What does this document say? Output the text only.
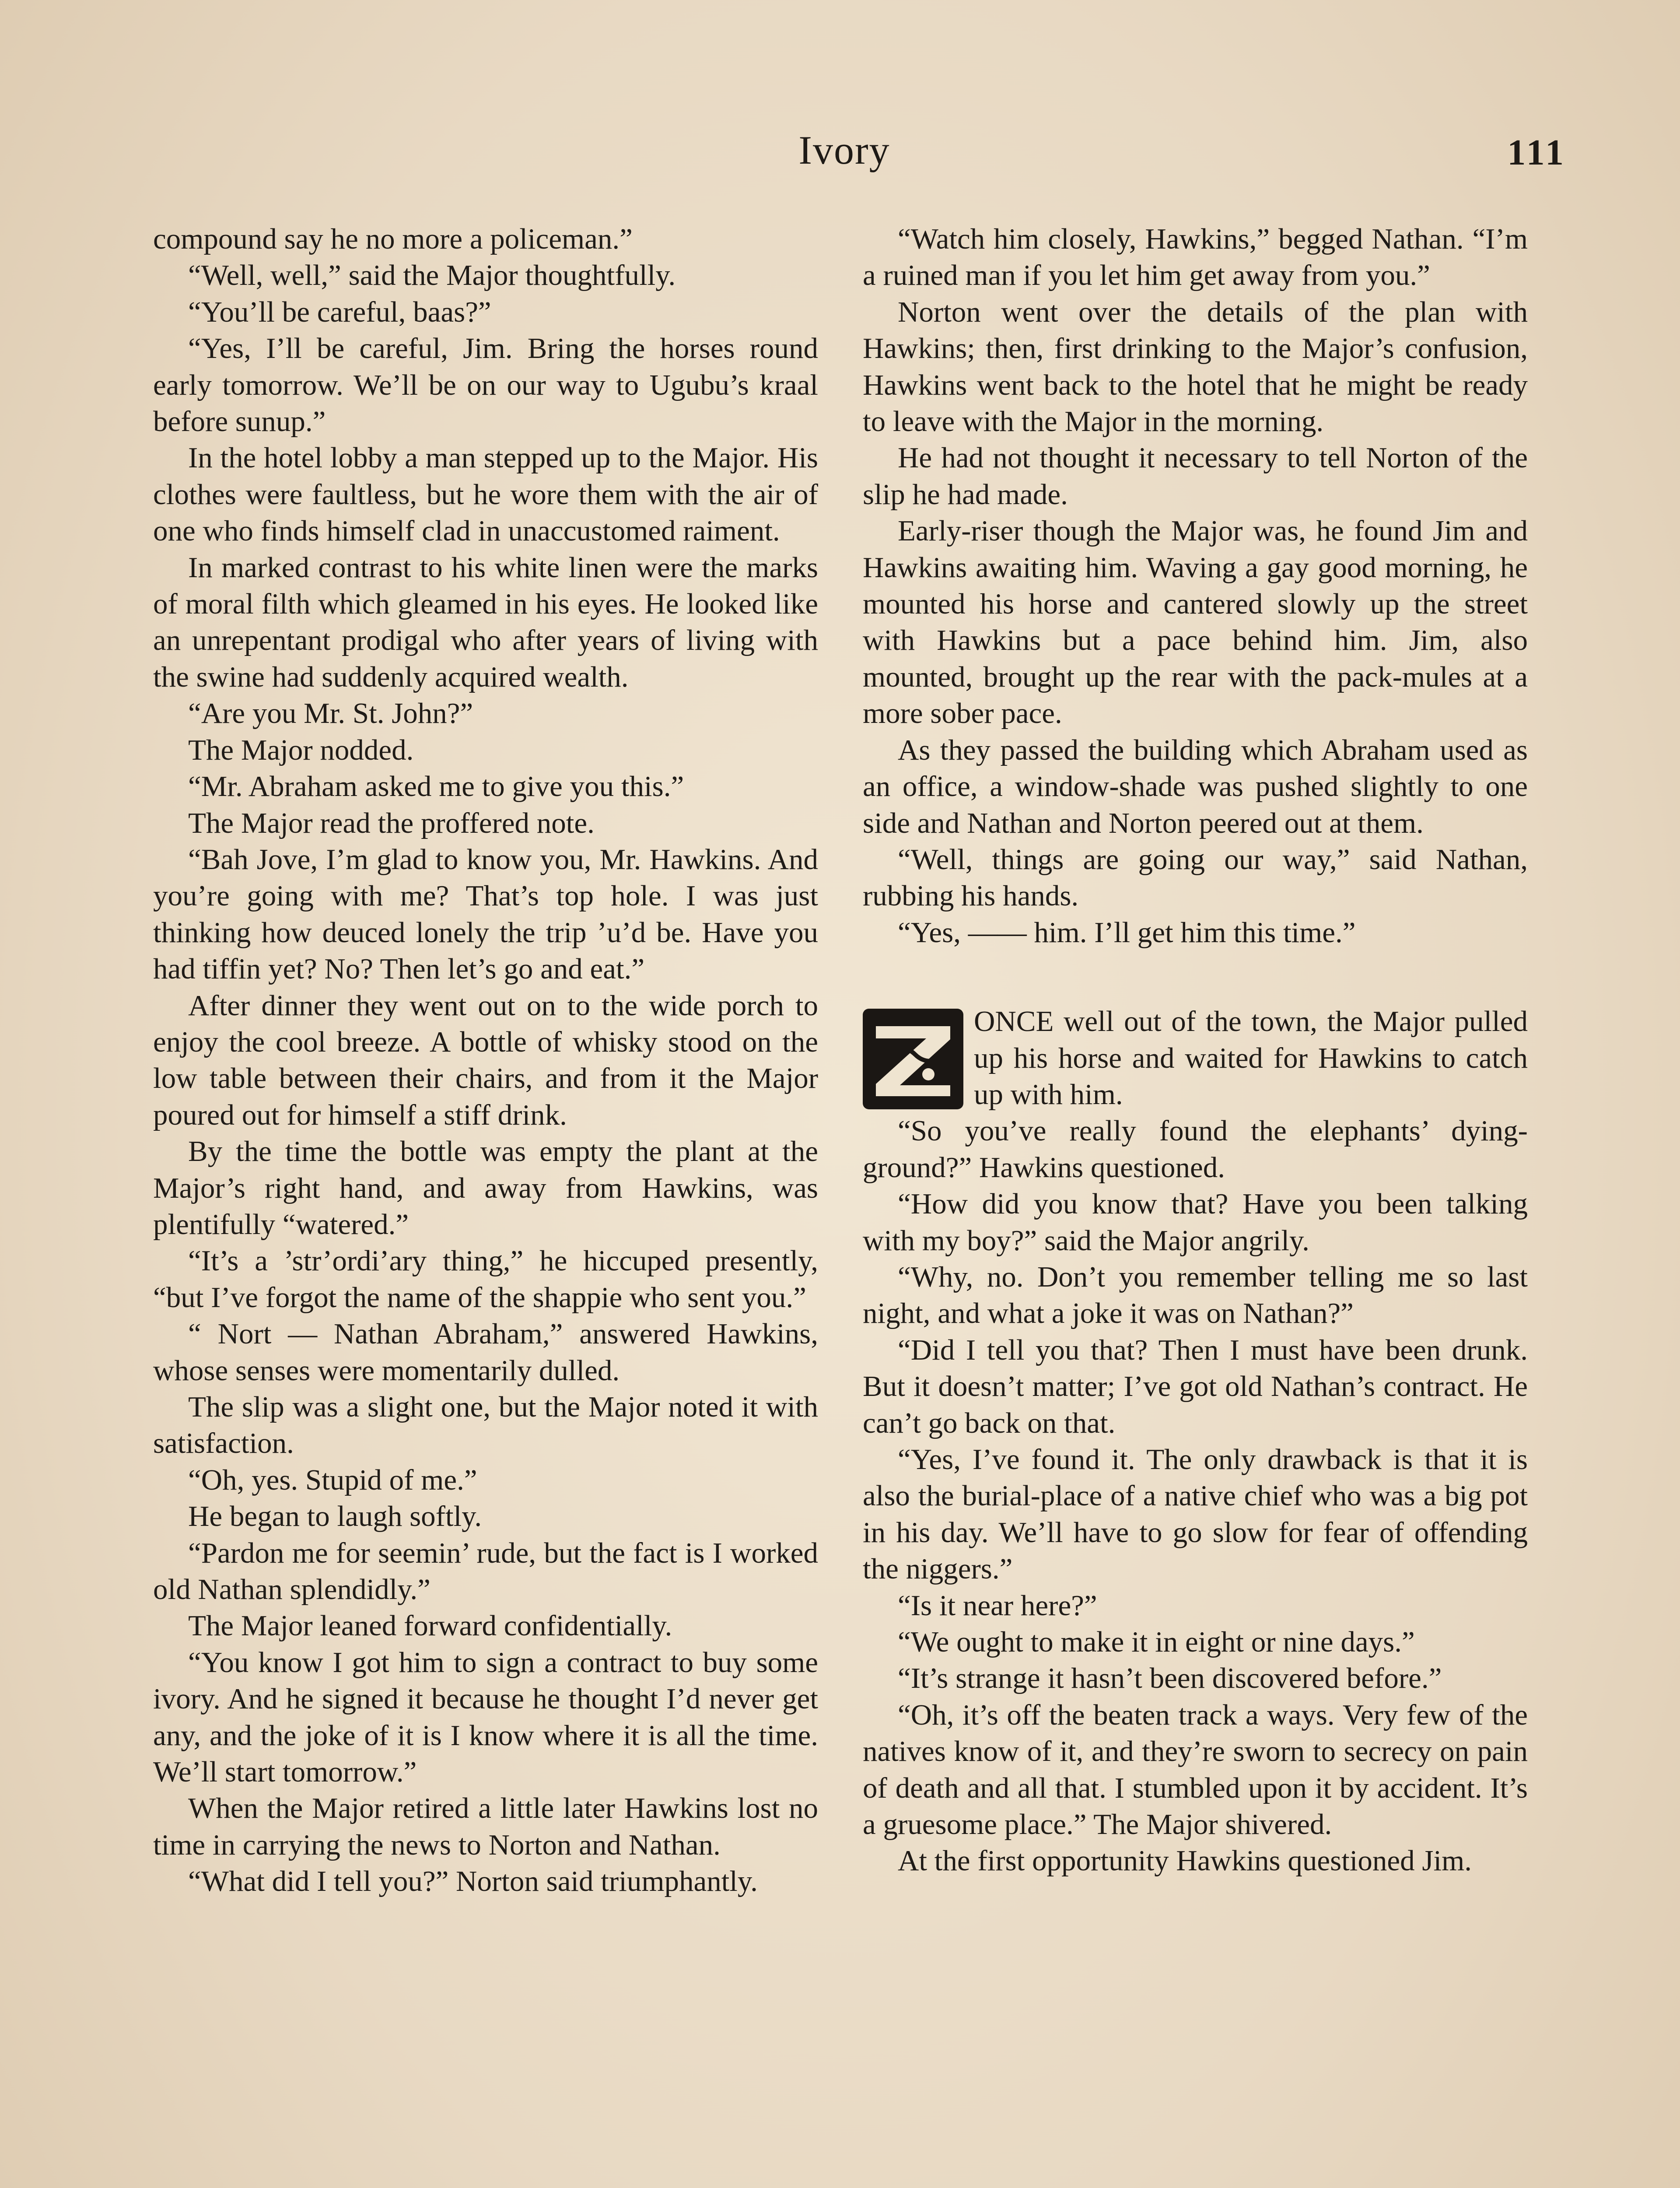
Ivory	111

compound say he no more a policeman.”

“Well, well,” said the Major thoughtfully.

“You’ll be careful, baas?”

“Yes, I’ll be careful, Jim. Bring the horses round early tomorrow. We’ll be on our way to Ugubu’s kraal before sunup.”

In the hotel lobby a man stepped up to the Major. His clothes were faultless, but he wore them with the air of one who finds himself clad in unaccustomed raiment.

In marked contrast to his white linen were the marks of moral filth which gleamed in his eyes. He looked like an unrepentant prodigal who after years of living with the swine had suddenly acquired wealth.

“Are you Mr. St. John?”

The Major nodded.

“Mr. Abraham asked me to give you this.”

The Major read the proffered note.

“Bah Jove, I’m glad to know you, Mr. Hawkins. And you’re going with me? That’s top hole. I was just thinking how deuced lonely the trip ’u’d be. Have you had tiffin yet? No? Then let’s go and eat.”

After dinner they went out on to the wide porch to enjoy the cool breeze. A bottle of whisky stood on the low table between their chairs, and from it the Major poured out for himself a stiff drink.

By the time the bottle was empty the plant at the Major’s right hand, and away from Hawkins, was plentifully “watered.”

“It’s a ’str’ordi’ary thing,” he hiccuped presently, “but I’ve forgot the name of the shappie who sent you.”

“ Nort — Nathan Abraham,” answered Hawkins, whose senses were momentarily dulled.

The slip was a slight one, but the Major noted it with satisfaction.

“Oh, yes. Stupid of me.”

He began to laugh softly.

“Pardon me for seemin’ rude, but the fact is I worked old Nathan splendidly.”

The Major leaned forward confidentially.

“You know I got him to sign a contract to buy some ivory. And he signed it because he thought I’d never get any, and the joke of it is I know where it is all the time. We’ll start tomorrow.”

When the Major retired a little later Hawkins lost no time in carrying the news to Norton and Nathan.

“What did I tell you?” Norton said triumphantly.

“Watch him closely, Hawkins,” begged Nathan. “I’m a ruined man if you let him get away from you.”

Norton went over the details of the plan with Hawkins; then, first drinking to the Major’s confusion, Hawkins went back to the hotel that he might be ready to leave with the Major in the morning.

He had not thought it necessary to tell Norton of the slip he had made.

Early-riser though the Major was, he found Jim and Hawkins awaiting him. Waving a gay good morning, he mounted his horse and cantered slowly up the street with Hawkins but a pace behind him. Jim, also mounted, brought up the rear with the pack-mules at a more sober pace.

As they passed the building which Abraham used as an office, a window-shade was pushed slightly to one side and Nathan and Norton peered out at them.

“Well, things are going our way,” said Nathan, rubbing his hands.

“Yes, —— him. I’ll get him this time.”

ONCE well out of the town, the Major pulled up his horse and waited for Hawkins to catch up with him.

“So you’ve really found the elephants’ dying-ground?” Hawkins questioned.

“How did you know that? Have you been talking with my boy?” said the Major angrily.

“Why, no. Don’t you remember telling me so last night, and what a joke it was on Nathan?”

“Did I tell you that? Then I must have been drunk. But it doesn’t matter; I’ve got old Nathan’s contract. He can’t go back on that.

“Yes, I’ve found it. The only drawback is that it is also the burial-place of a native chief who was a big pot in his day. We’ll have to go slow for fear of offending the niggers.”

“Is it near here?”

“We ought to make it in eight or nine days.”

“It’s strange it hasn’t been discovered before.”

“Oh, it’s off the beaten track a ways. Very few of the natives know of it, and they’re sworn to secrecy on pain of death and all that. I stumbled upon it by accident. It’s a gruesome place.” The Major shivered.

At the first opportunity Hawkins questioned Jim.
